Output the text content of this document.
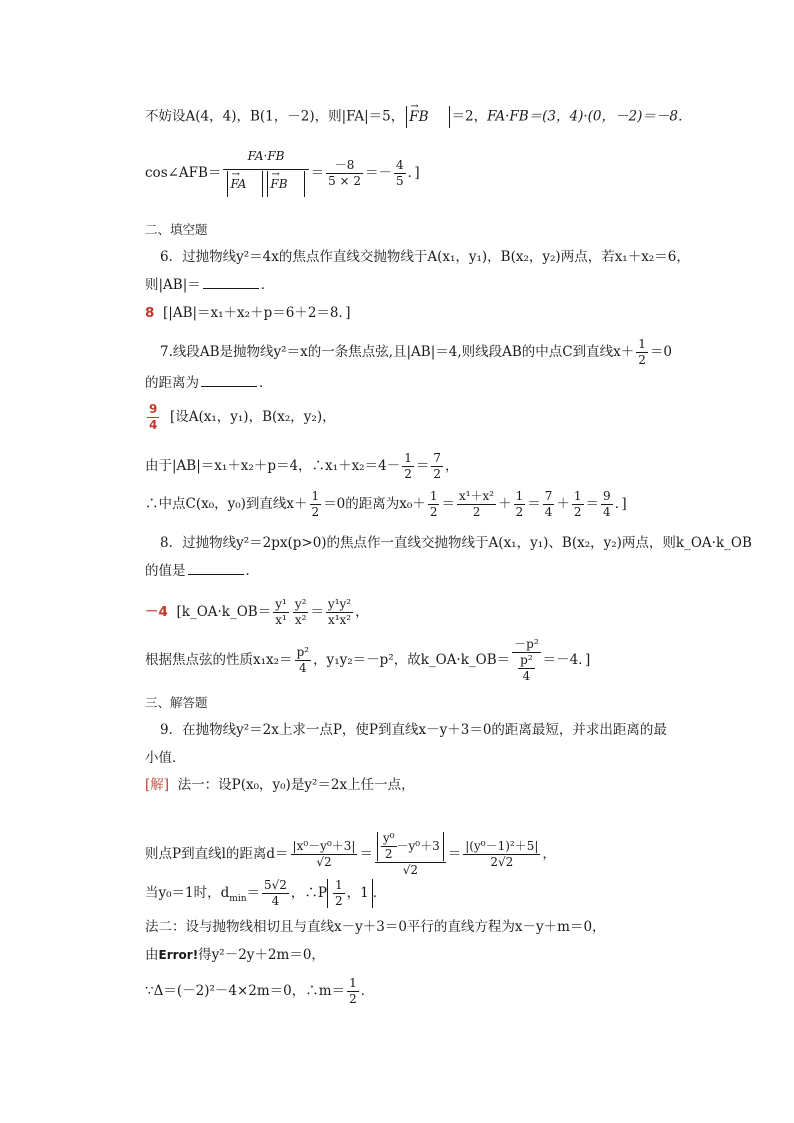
不妨设A(4，4)，B(1，－2)，则|FA|＝5， → FB ＝2，FA·FB＝(3，4)·(0，－2)＝－8．
cos∠AFB＝ FA·FB
→ FA → FB ＝ $\frac{-8}{5 \times 2} =- \frac{4}{5}$ ．]
二、填空题
6．过抛物线y²＝4x的焦点作直线交抛物线于A(x₁，y₁)，B(x₂，y₂)两点，若x₁＋x₂＝6，
则|AB|＝	．
8 [|AB|＝x₁＋x₂＋p＝6＋2＝8．]
7.线段AB是抛物线y²＝x的一条焦点弦,且|AB|＝4,则线段AB的中点C到直线$x+ \frac{1}{2} =0$
的距离为	．
$\frac{9}{4}$ [设A(x₁，y₁)，B(x₂，y₂)，
由于|AB|＝x₁＋x₂＋p＝4，∴x₁＋x₂＝4－ $\frac{1}{2} = \frac{7}{2}$ ，
∴中点C(x₀，y₀)到直线$x+ \frac{1}{2} =0$的距离为$x_0+ \frac{1}{2} = \frac{\text{x¹＋x²}}{2} + \frac{1}{2} = \frac{7}{4} + \frac{1}{2} = \frac{9}{4}$ ．]
8．过抛物线y²＝2px(p>0)的焦点作一直线交抛物线于A(x₁，y₁)、B(x₂，y₂)两点，则k_OA·k_OB
的值是	．
－4 [k_OA·k_OB＝ $\frac{\text{y¹}}{\text{x¹}} \frac{\text{y²}}{\text{x²}} = \frac{\text{y¹y²}}{\text{x¹x²}}$ ，
根据焦点弦的性质$x_1x_2= \frac{\text{p²}}{4}$ ，y₁y₂＝－p²，故k_OA·k_OB＝ $\frac{\text{－p²}}{\frac{\text{p²}}{4}} =-4$．]
三、解答题
9．在抛物线y²＝2x上求一点P，使P到直线x－y＋3＝0的距离最短，并求出距离的最
小值．
[解] 法一：设P(x₀，y₀)是y²＝2x上任一点，
则点P到直线l的距离$d= \frac{\text{|x⁰－y⁰＋3|}}{√2} = \frac{\frac{\text{y⁰}}{2} -y^0+3}{√2} = \frac{\text{|(y⁰－1)²＋5|}}{2√2}$ ，
当y₀＝1时，$d_{min}= \frac{5√2}{4}$ ，∴P $\frac{1}{2}$ ，1 ．
法二：设与抛物线相切且与直线x－y＋3＝0平行的直线方程为x－y＋m＝0，
由Error!得y²－2y＋2m＝0，
∵Δ＝(－2)²－4×2m＝0，∴m＝ $\frac{1}{2}$ ．
